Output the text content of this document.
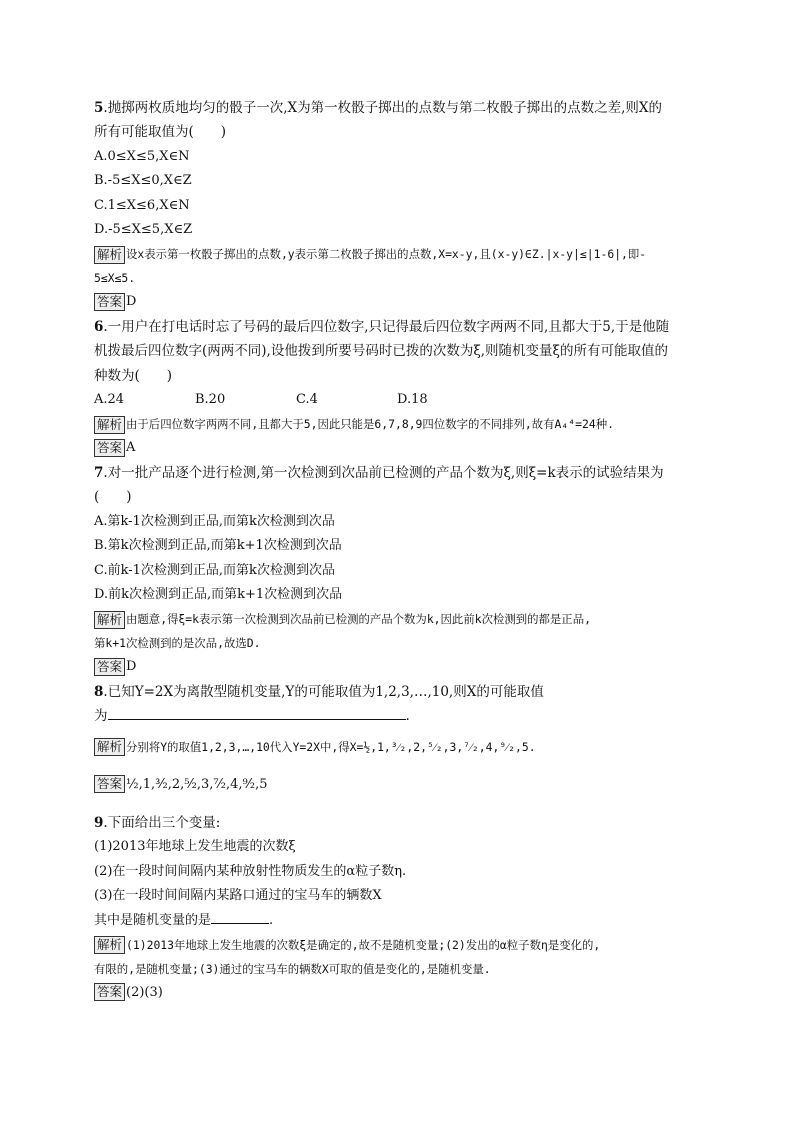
5.抛掷两枚质地均匀的骰子一次,X为第一枚骰子掷出的点数与第二枚骰子掷出的点数之差,则X的
所有可能取值为(　　)
A.0≤X≤5,X∈N
B.-5≤X≤0,X∈Z
C.1≤X≤6,X∈N
D.-5≤X≤5,X∈Z
解析 设x表示第一枚骰子掷出的点数,y表示第二枚骰子掷出的点数,X=x-y,且(x-y)∈Z.|x-y|≤|1-6|,即-
5≤X≤5.
答案 D
6.一用户在打电话时忘了号码的最后四位数字,只记得最后四位数字两两不同,且都大于5,于是他随
机拨最后四位数字(两两不同),设他拨到所要号码时已拨的次数为ξ,则随机变量ξ的所有可能取值的
种数为(　　)
A.24	B.20	C.4	D.18
解析 由于后四位数字两两不同,且都大于5,因此只能是6,7,8,9四位数字的不同排列,故有A₄⁴=24种.
答案 A
7.对一批产品逐个进行检测,第一次检测到次品前已检测的产品个数为ξ,则ξ=k表示的试验结果为
(　　)
A.第k-1次检测到正品,而第k次检测到次品
B.第k次检测到正品,而第k+1次检测到次品
C.前k-1次检测到正品,而第k次检测到次品
D.前k次检测到正品,而第k+1次检测到次品
解析 由题意,得ξ=k表示第一次检测到次品前已检测的产品个数为k,因此前k次检测到的都是正品,
第k+1次检测到的是次品,故选D.
答案 D
8.已知Y=2X为离散型随机变量,Y的可能取值为1,2,3,…,10,则X的可能取值
为	.
解析 分别将Y的取值1,2,3,…,10代入Y=2X中,得X=½,1,³⁄₂,2,⁵⁄₂,3,⁷⁄₂,4,⁹⁄₂,5.
答案 ½,1,³⁄₂,2,⁵⁄₂,3,⁷⁄₂,4,⁹⁄₂,5
9.下面给出三个变量:
(1)2013年地球上发生地震的次数ξ
(2)在一段时间间隔内某种放射性物质发生的α粒子数η.
(3)在一段时间间隔内某路口通过的宝马车的辆数X
其中是随机变量的是	.
解析 (1)2013年地球上发生地震的次数ξ是确定的,故不是随机变量;(2)发出的α粒子数η是变化的,
有限的,是随机变量;(3)通过的宝马车的辆数X可取的值是变化的,是随机变量.
答案 (2)(3)
